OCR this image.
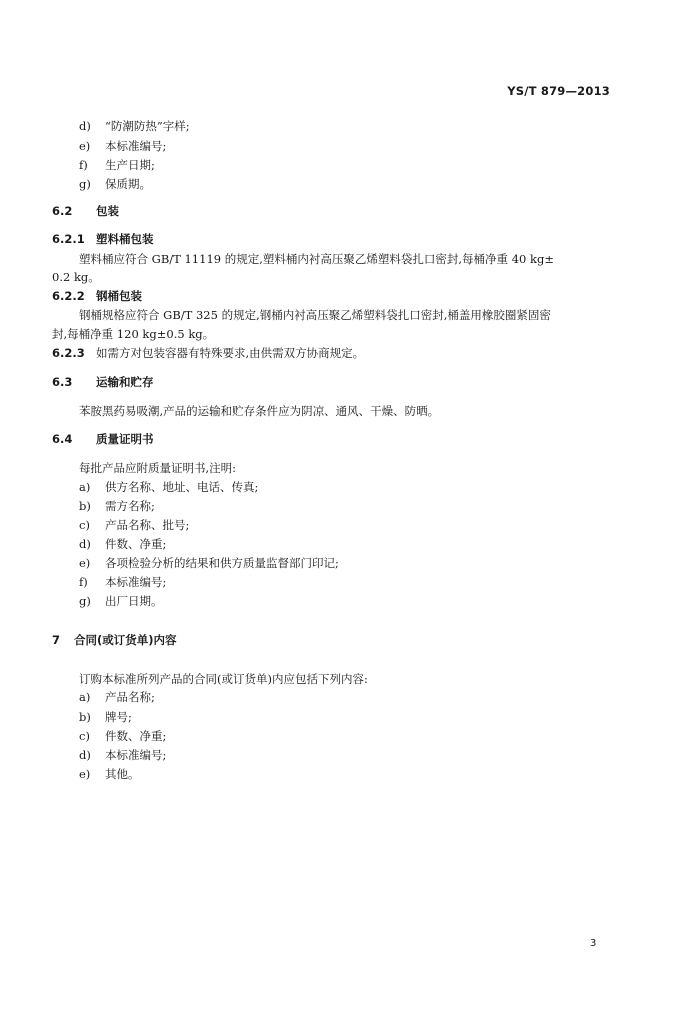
YS/T 879—2013
d) “防潮防热”字样;
e) 本标准编号;
f) 生产日期;
g) 保质期。
6.2 包装
6.2.1 塑料桶包装
塑料桶应符合 GB/T 11119 的规定,塑料桶内衬高压聚乙烯塑料袋扎口密封,每桶净重 40 kg±
0.2 kg。
6.2.2 钢桶包装
钢桶规格应符合 GB/T 325 的规定,钢桶内衬高压聚乙烯塑料袋扎口密封,桶盖用橡胶圈紧固密
封,每桶净重 120 kg±0.5 kg。
6.2.3 如需方对包装容器有特殊要求,由供需双方协商规定。
6.3 运输和贮存
苯胺黑药易吸潮,产品的运输和贮存条件应为阴凉、通风、干燥、防晒。
6.4 质量证明书
每批产品应附质量证明书,注明:
a) 供方名称、地址、电话、传真;
b) 需方名称;
c) 产品名称、批号;
d) 件数、净重;
e) 各项检验分析的结果和供方质量监督部门印记;
f) 本标准编号;
g) 出厂日期。
7 合同(或订货单)内容
订购本标准所列产品的合同(或订货单)内应包括下列内容:
a) 产品名称;
b) 牌号;
c) 件数、净重;
d) 本标准编号;
e) 其他。
3
